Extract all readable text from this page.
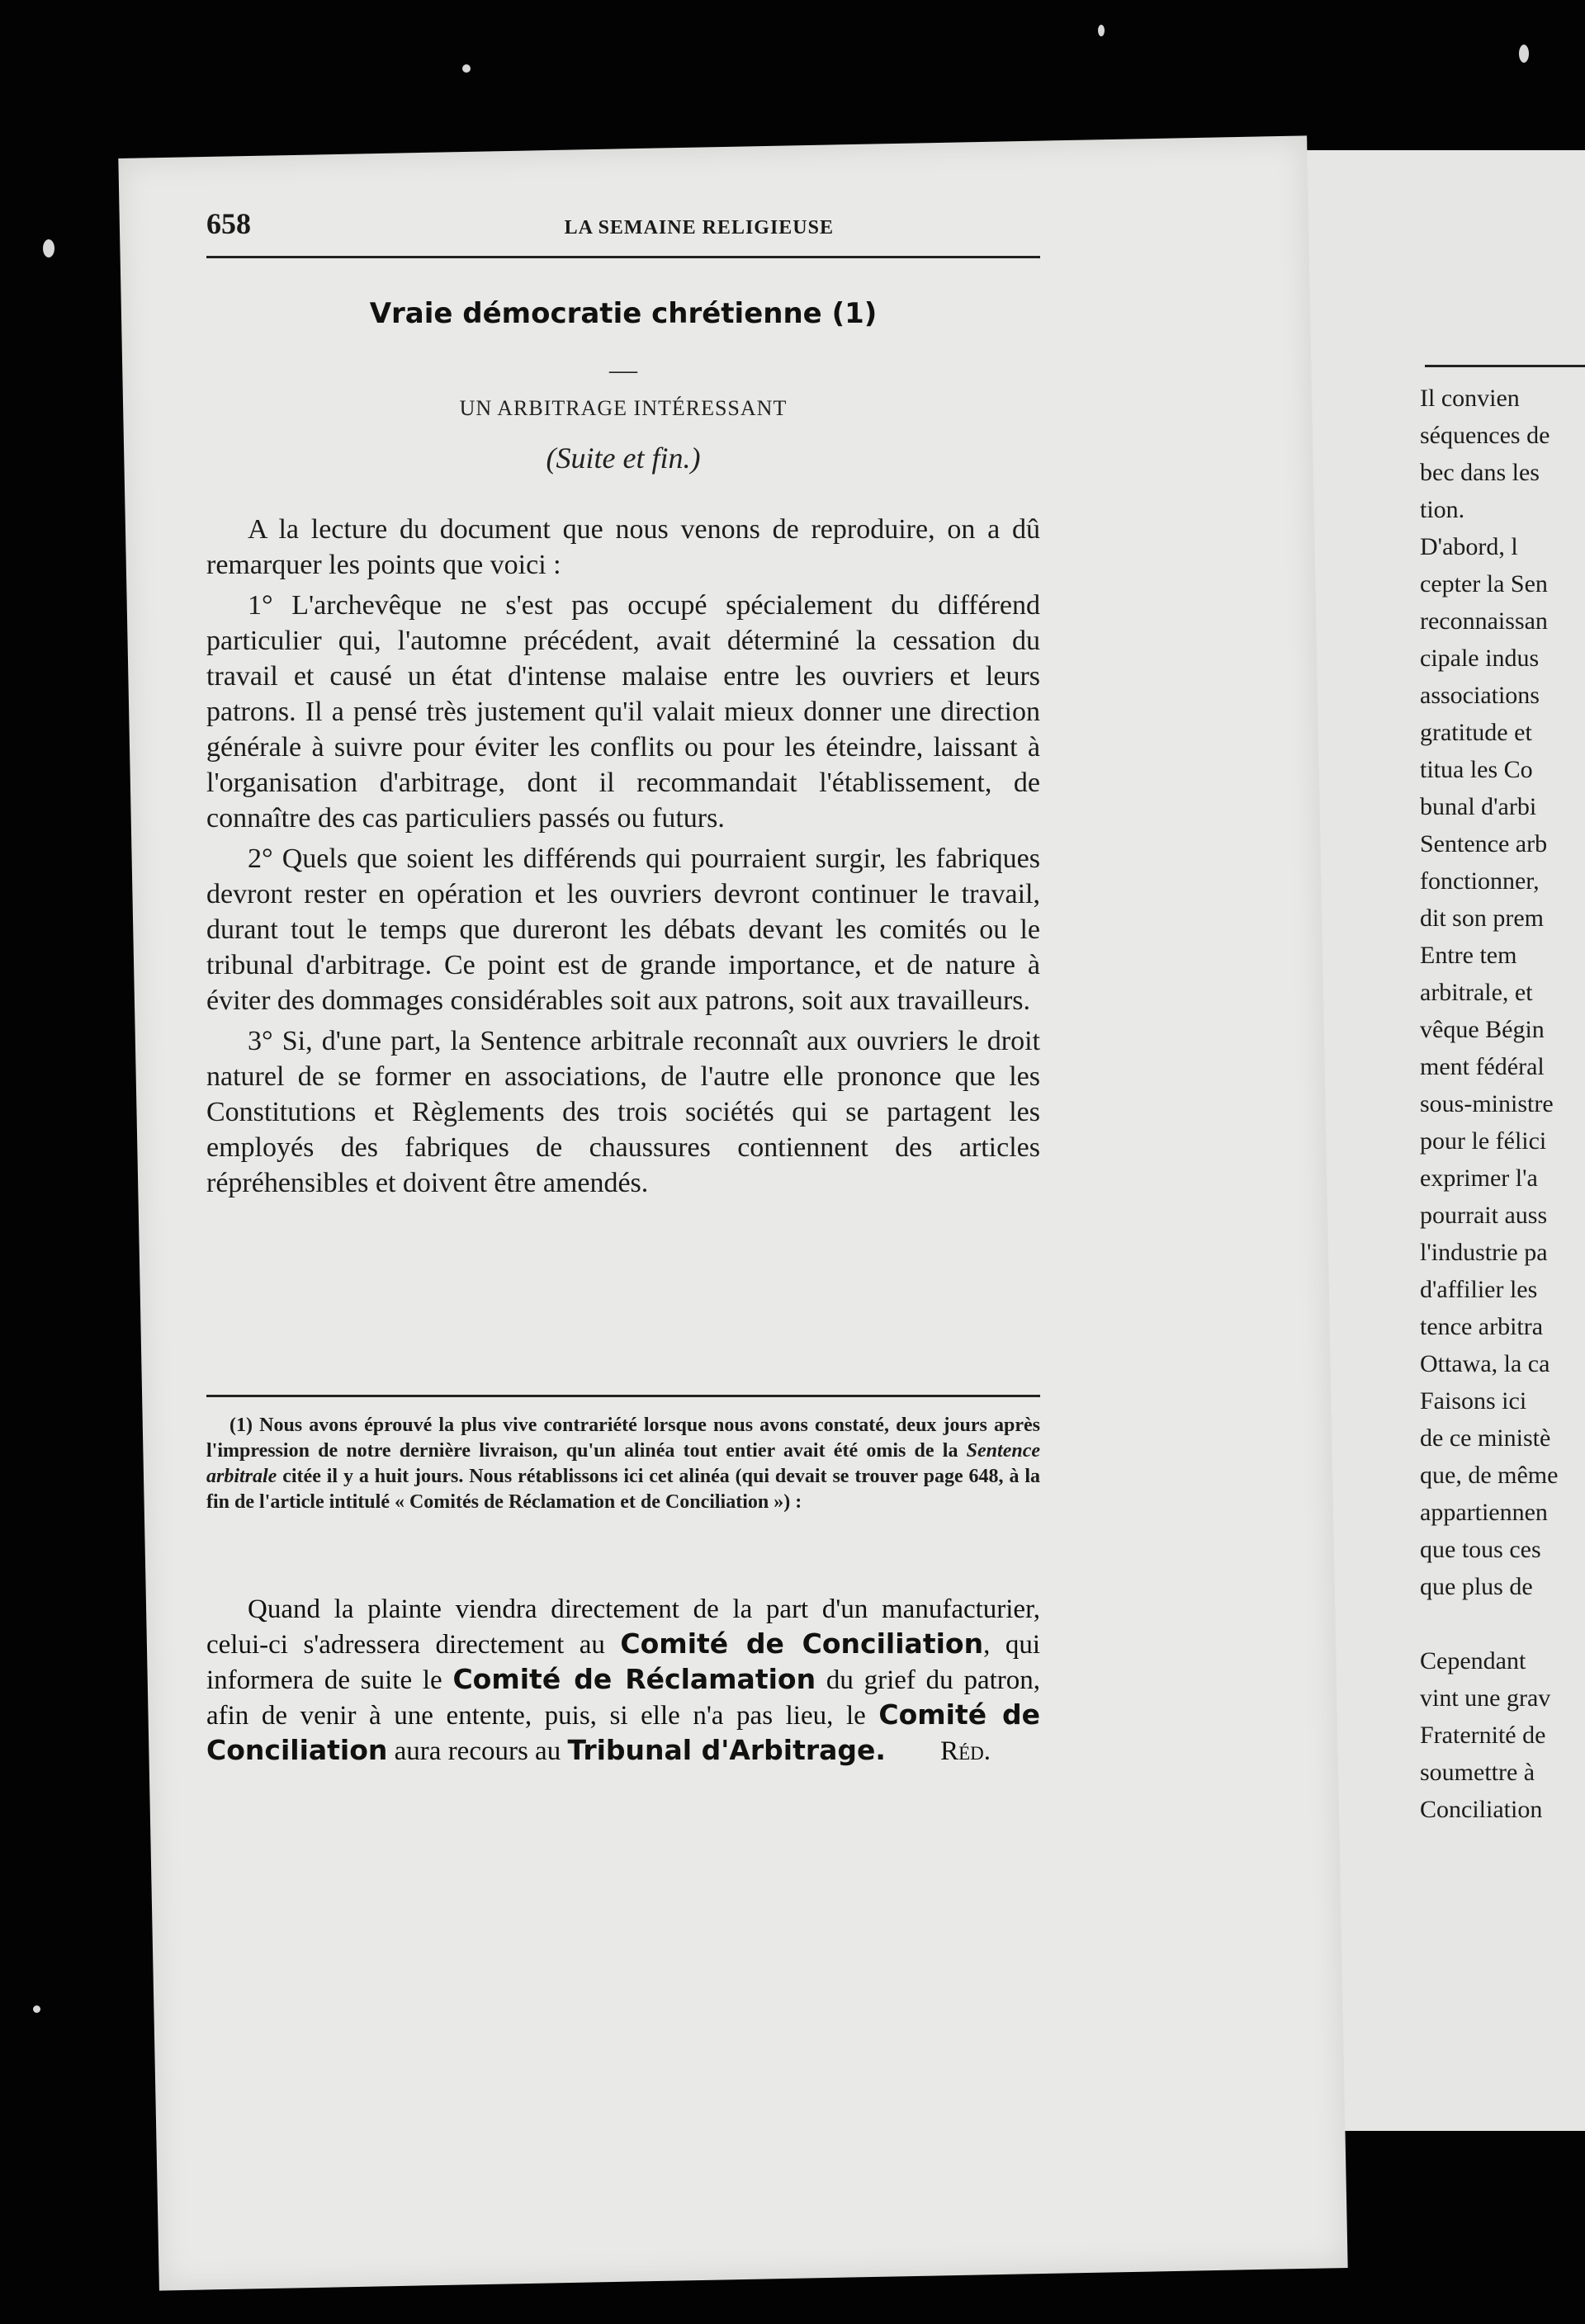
Il convien
séquences de
bec dans les
tion.
D'abord, l
cepter la Sen
reconnaissan
cipale indus
associations
gratitude et
titua les Co
bunal d'arbi
Sentence arb
fonctionner,
dit son prem
Entre tem
arbitrale, et
vêque Bégin
ment fédéral
sous-ministre
pour le félici
exprimer l'a
pourrait auss
l'industrie pa
d'affilier les
tence arbitra
Ottawa, la ca
Faisons ici
de ce ministè
que, de même
appartiennen
que tous ces
que plus de
Cependant
vint une grav
Fraternité de
soumettre à
Conciliation
658	LA SEMAINE RELIGIEUSE
Vraie démocratie chrétienne (1)
—
UN ARBITRAGE INTÉRESSANT
(Suite et fin.)

A la lecture du document que nous venons de reproduire, on a dû remarquer les points que voici :

1° L'archevêque ne s'est pas occupé spécialement du différend particulier qui, l'automne précédent, avait déterminé la cessation du travail et causé un état d'intense malaise entre les ouvriers et leurs patrons. Il a pensé très justement qu'il valait mieux donner une direction générale à suivre pour éviter les conflits ou pour les éteindre, laissant à l'organisation d'arbitrage, dont il recommandait l'établissement, de connaître des cas particuliers passés ou futurs.

2° Quels que soient les différends qui pourraient surgir, les fabriques devront rester en opération et les ouvriers devront continuer le travail, durant tout le temps que dureront les débats devant les comités ou le tribunal d'arbitrage. Ce point est de grande importance, et de nature à éviter des dommages considérables soit aux patrons, soit aux travailleurs.

3° Si, d'une part, la Sentence arbitrale reconnaît aux ouvriers le droit naturel de se former en associations, de l'autre elle prononce que les Constitutions et Règlements des trois sociétés qui se partagent les employés des fabriques de chaussures contiennent des articles répréhensibles et doivent être amendés.

(1) Nous avons éprouvé la plus vive contrariété lorsque nous avons constaté, deux jours après l'impression de notre dernière livraison, qu'un alinéa tout entier avait été omis de la Sentence arbitrale citée il y a huit jours. Nous rétablissons ici cet alinéa (qui devait se trouver page 648, à la fin de l'article intitulé « Comités de Réclamation et de Conciliation ») :

Quand la plainte viendra directement de la part d'un manufacturier, celui-ci s'adressera directement au Comité de Conciliation, qui informera de suite le Comité de Réclamation du grief du patron, afin de venir à une entente, puis, si elle n'a pas lieu, le Comité de Conciliation aura recours au Tribunal d'Arbitrage.	Réd.
